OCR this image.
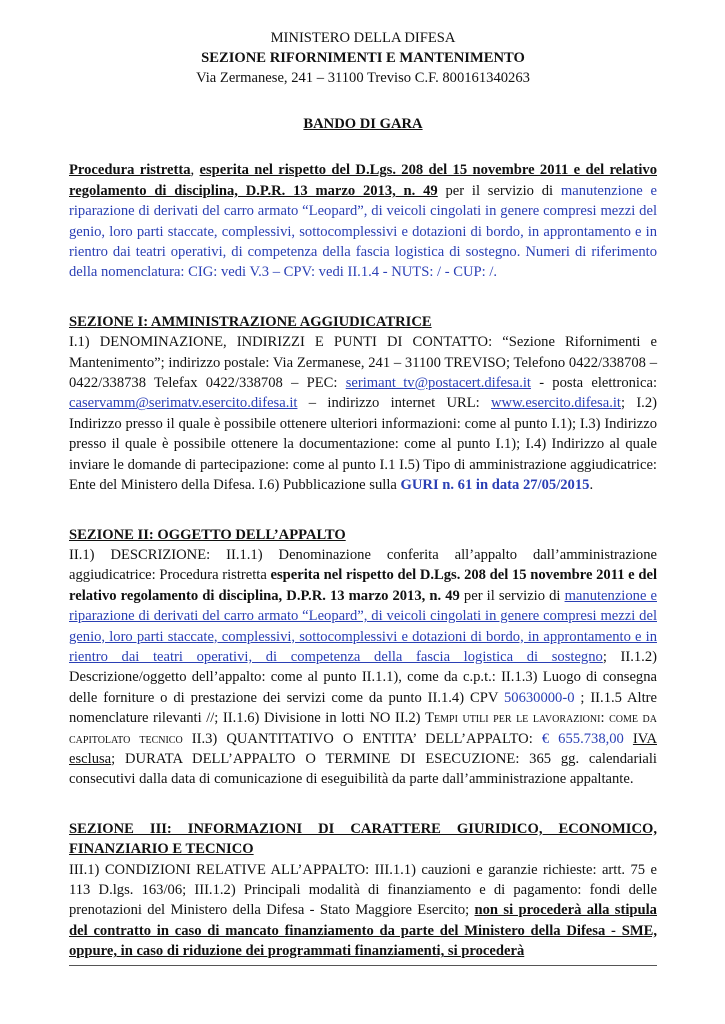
MINISTERO DELLA DIFESA
SEZIONE RIFORNIMENTI E MANTENIMENTO
Via Zermanese, 241 – 31100 Treviso C.F. 800161340263

BANDO DI GARA

Procedura ristretta, esperita nel rispetto del D.Lgs. 208 del 15 novembre 2011 e del relativo regolamento di disciplina, D.P.R. 13 marzo 2013, n. 49 per il servizio di manutenzione e riparazione di derivati del carro armato “Leopard”, di veicoli cingolati in genere compresi mezzi del genio, loro parti staccate, complessivi, sottocomplessivi e dotazioni di bordo, in approntamento e in rientro dai teatri operativi, di competenza della fascia logistica di sostegno. Numeri di riferimento della nomenclatura: CIG: vedi V.3 – CPV: vedi II.1.4 - NUTS: / - CUP: /.

SEZIONE I: AMMINISTRAZIONE AGGIUDICATRICE

I.1) DENOMINAZIONE, INDIRIZZI E PUNTI DI CONTATTO: “Sezione Rifornimenti e Mantenimento”; indirizzo postale: Via Zermanese, 241 – 31100 TREVISO; Telefono 0422/338708 – 0422/338738 Telefax 0422/338708 – PEC: serimant_tv@postacert.difesa.it - posta elettronica: caservamm@serimatv.esercito.difesa.it – indirizzo internet URL: www.esercito.difesa.it; I.2) Indirizzo presso il quale è possibile ottenere ulteriori informazioni: come al punto I.1); I.3) Indirizzo presso il quale è possibile ottenere la documentazione: come al punto I.1); I.4) Indirizzo al quale inviare le domande di partecipazione: come al punto I.1 I.5) Tipo di amministrazione aggiudicatrice: Ente del Ministero della Difesa. I.6) Pubblicazione sulla GURI n. 61 in data 27/05/2015.

SEZIONE II: OGGETTO DELL’APPALTO

II.1) DESCRIZIONE: II.1.1) Denominazione conferita all’appalto dall’amministrazione aggiudicatrice: Procedura ristretta esperita nel rispetto del D.Lgs. 208 del 15 novembre 2011 e del relativo regolamento di disciplina, D.P.R. 13 marzo 2013, n. 49 per il servizio di manutenzione e riparazione di derivati del carro armato “Leopard”, di veicoli cingolati in genere compresi mezzi del genio, loro parti staccate, complessivi, sottocomplessivi e dotazioni di bordo, in approntamento e in rientro dai teatri operativi, di competenza della fascia logistica di sostegno; II.1.2) Descrizione/oggetto dell’appalto: come al punto II.1.1), come da c.p.t.: II.1.3) Luogo di consegna delle forniture o di prestazione dei servizi come da punto II.1.4) CPV 50630000-0 ; II.1.5 Altre nomenclature rilevanti //; II.1.6) Divisione in lotti NO II.2) Tempi utili per le lavorazioni: come da capitolato tecnico II.3) QUANTITATIVO O ENTITA’ DELL’APPALTO: € 655.738,00 IVA esclusa; DURATA DELL’APPALTO O TERMINE DI ESECUZIONE: 365 gg. calendariali consecutivi dalla data di comunicazione di eseguibilità da parte dall’amministrazione appaltante.

SEZIONE III: INFORMAZIONI DI CARATTERE GIURIDICO, ECONOMICO, FINANZIARIO E TECNICO

III.1) CONDIZIONI RELATIVE ALL’APPALTO: III.1.1) cauzioni e garanzie richieste: artt. 75 e 113 D.lgs. 163/06; III.1.2) Principali modalità di finanziamento e di pagamento: fondi delle prenotazioni del Ministero della Difesa - Stato Maggiore Esercito; non si procederà alla stipula del contratto in caso di mancato finanziamento da parte del Ministero della Difesa - SME, oppure, in caso di riduzione dei programmati finanziamenti, si procederà
